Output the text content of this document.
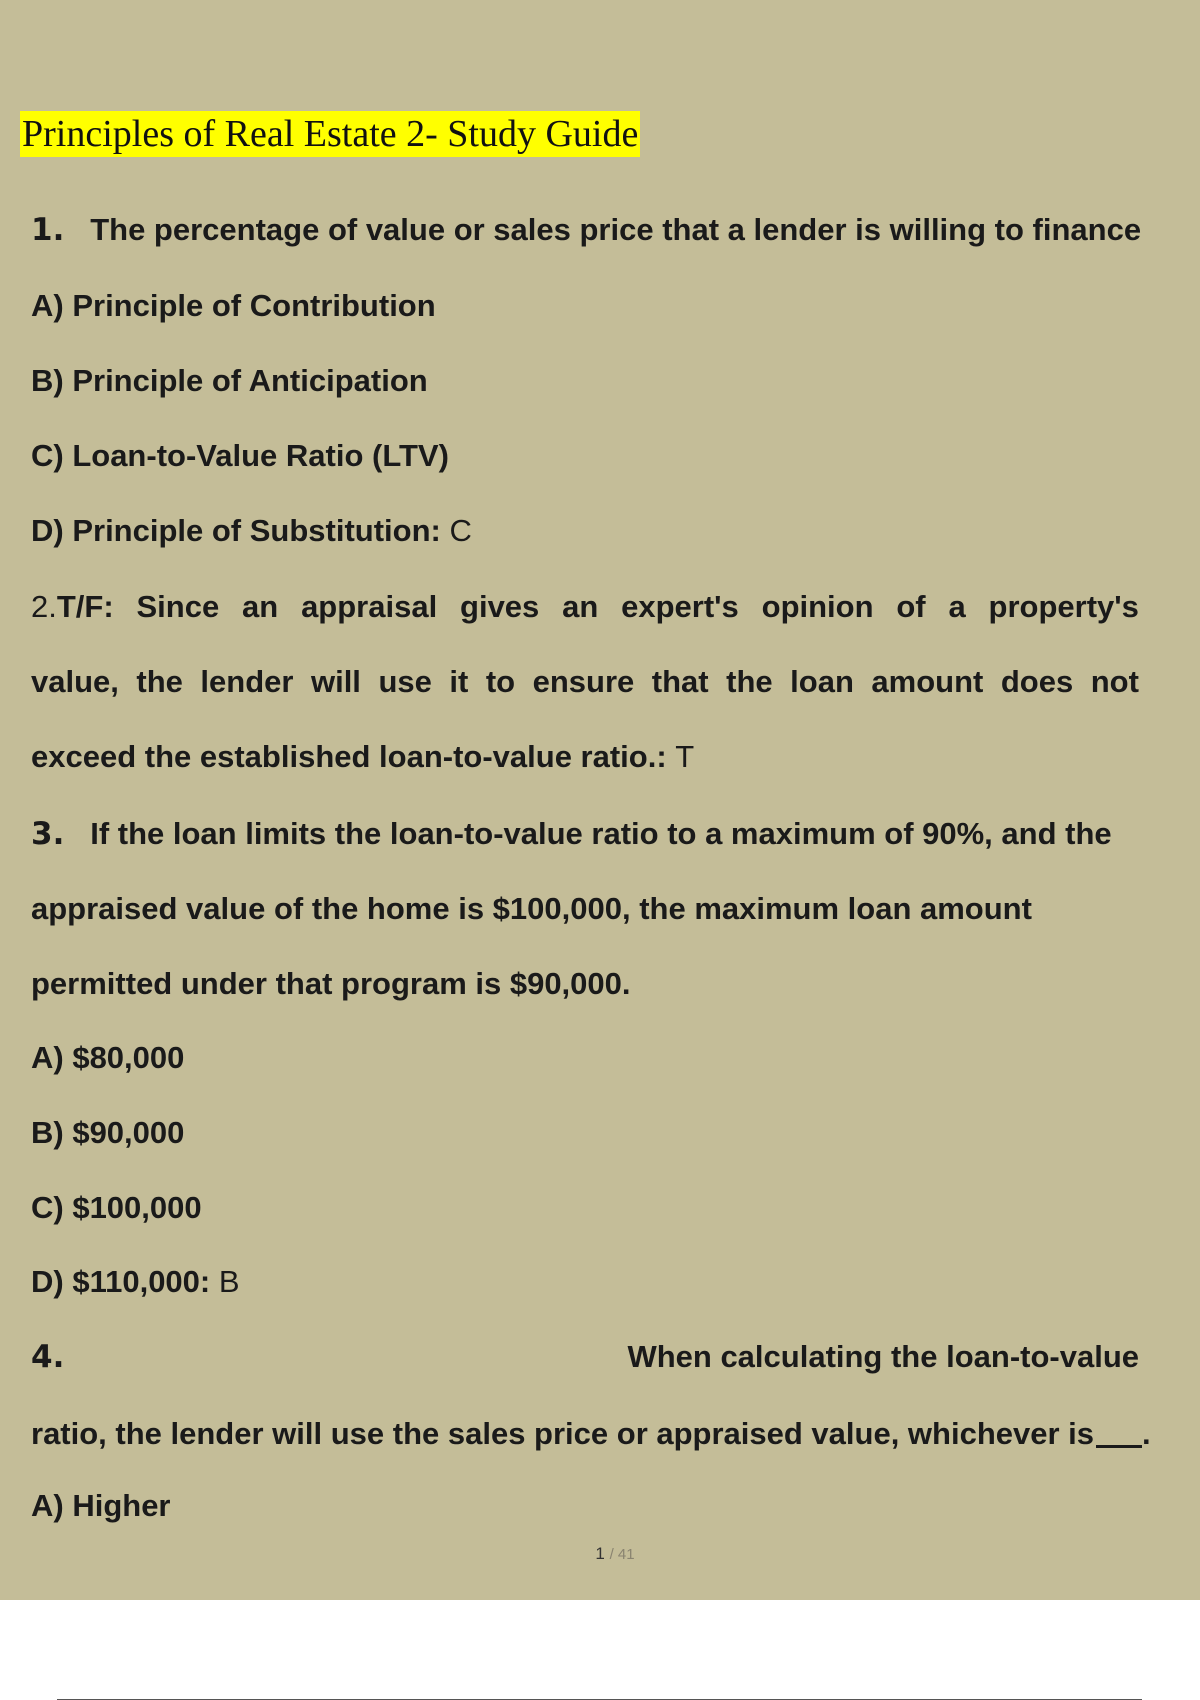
Principles of Real Estate 2- Study Guide
1. The percentage of value or sales price that a lender is willing to finance
A) Principle of Contribution
B) Principle of Anticipation
C) Loan-to-Value Ratio (LTV)
D) Principle of Substitution: C
2.T/F: Since an appraisal gives an expert's opinion of a property's
value, the lender will use it to ensure that the loan amount does not
exceed the established loan-to-value ratio.: T
3. If the loan limits the loan-to-value ratio to a maximum of 90%, and the
appraised value of the home is $100,000, the maximum loan amount
permitted under that program is $90,000.
A) $80,000
B) $90,000
C) $100,000
D) $110,000: B
4.	When calculating the loan-to-value
ratio, the lender will use the sales price or appraised value, whichever is .
A) Higher
1 / 41
